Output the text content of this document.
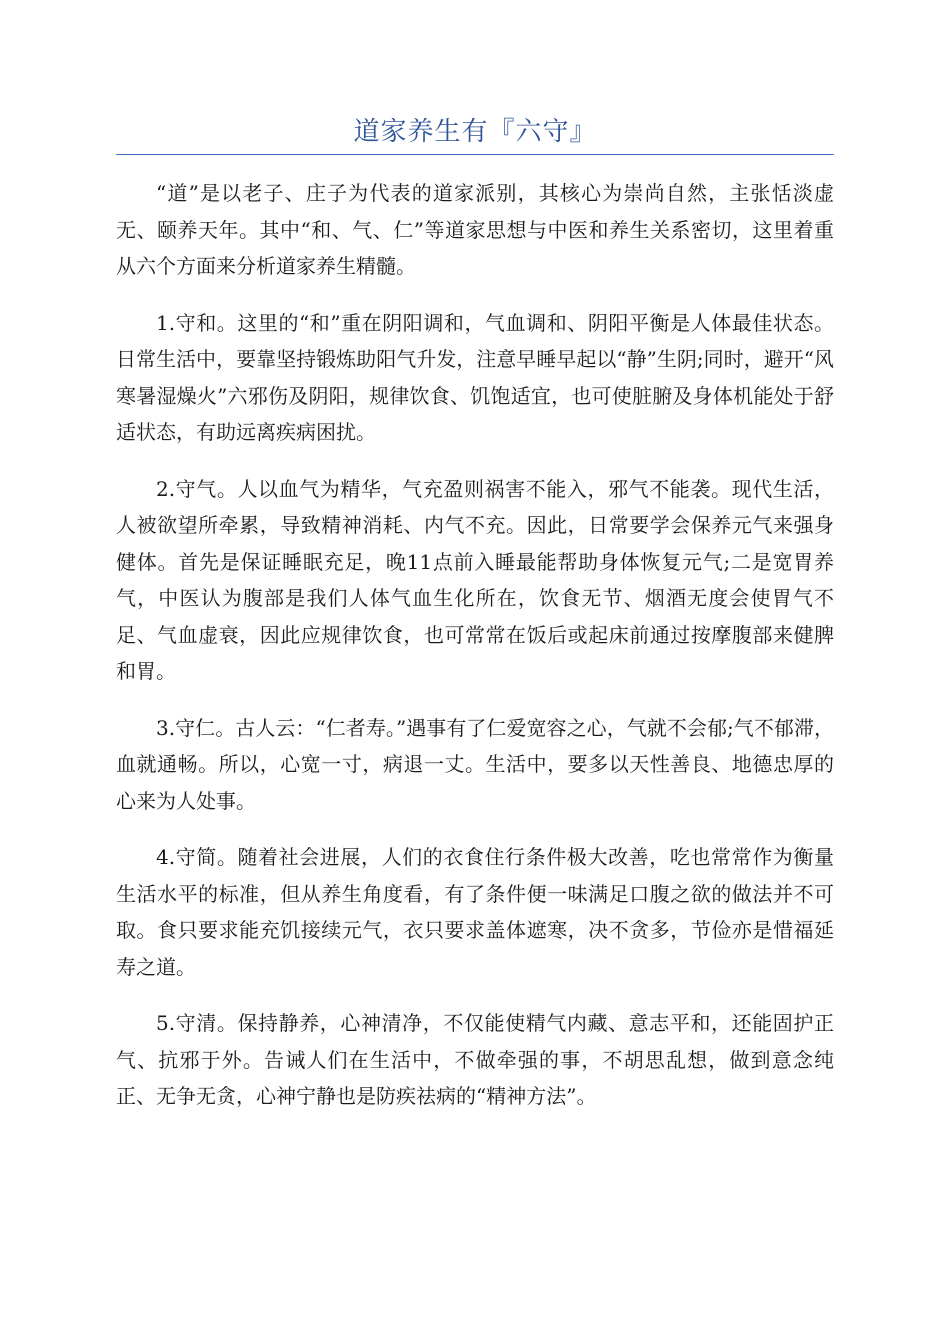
道家养生有『六守』

“道”是以老子、庄子为代表的道家派别，其核心为崇尚自然，主张恬淡虚无、颐养天年。其中“和、气、仁”等道家思想与中医和养生关系密切，这里着重从六个方面来分析道家养生精髓。

1.守和。这里的“和”重在阴阳调和，气血调和、阴阳平衡是人体最佳状态。日常生活中，要靠坚持锻炼助阳气升发，注意早睡早起以“静”生阴;同时，避开“风寒暑湿燥火”六邪伤及阴阳，规律饮食、饥饱适宜，也可使脏腑及身体机能处于舒适状态，有助远离疾病困扰。

2.守气。人以血气为精华，气充盈则祸害不能入，邪气不能袭。现代生活，人被欲望所牵累，导致精神消耗、内气不充。因此，日常要学会保养元气来强身健体。首先是保证睡眠充足，晚11点前入睡最能帮助身体恢复元气;二是宽胃养气，中医认为腹部是我们人体气血生化所在，饮食无节、烟酒无度会使胃气不足、气血虚衰，因此应规律饮食，也可常常在饭后或起床前通过按摩腹部来健脾和胃。

3.守仁。古人云：“仁者寿。”遇事有了仁爱宽容之心，气就不会郁;气不郁滞，血就通畅。所以，心宽一寸，病退一丈。生活中，要多以天性善良、地德忠厚的心来为人处事。

4.守简。随着社会进展，人们的衣食住行条件极大改善，吃也常常作为衡量生活水平的标准，但从养生角度看，有了条件便一味满足口腹之欲的做法并不可取。食只要求能充饥接续元气，衣只要求盖体遮寒，决不贪多，节俭亦是惜福延寿之道。

5.守清。保持静养，心神清净，不仅能使精气内藏、意志平和，还能固护正气、抗邪于外。告诫人们在生活中，不做牵强的事，不胡思乱想，做到意念纯正、无争无贪，心神宁静也是防疾祛病的“精神方法”。
